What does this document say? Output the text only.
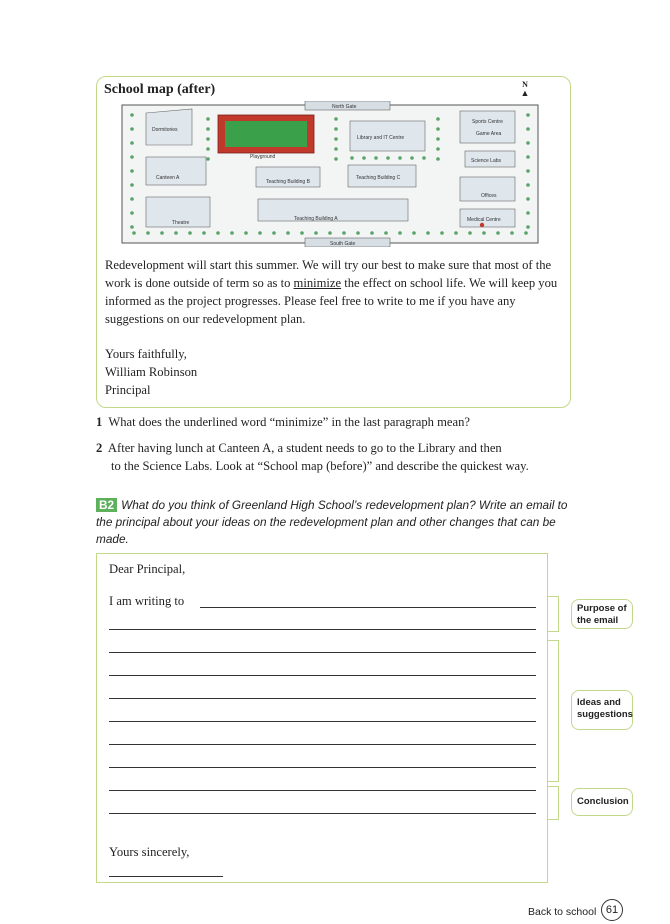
School map (after)	N
▲
North Gate
South Gate
Dormitories
Playground
Library and IT Centre
Sports Centre
Game Area
Science Labs
Canteen A
Teaching Building B
Teaching Building C
Offices
Theatre
Teaching Building A	Medical Centre
Redevelopment will start this summer. We will try our best to make sure that most of the work is done outside of term so as to minimize the effect on school life. We will keep you informed as the project progresses. Please feel free to write to me if you have any suggestions on our redevelopment plan.
Yours faithfully,
William Robinson
Principal
1 What does the underlined word “minimize” in the last paragraph mean?
2 After having lunch at Canteen A, a student needs to go to the Library and then
to the Science Labs. Look at “School map (before)” and describe the quickest way.
B2 What do you think of Greenland High School’s redevelopment plan? Write an email to
the principal about your ideas on the redevelopment plan and other changes that can be
made.
Dear Principal,
I am writing to
Yours sincerely,
Purpose of
the email
Ideas and
suggestions
Conclusion
Back to school 61
